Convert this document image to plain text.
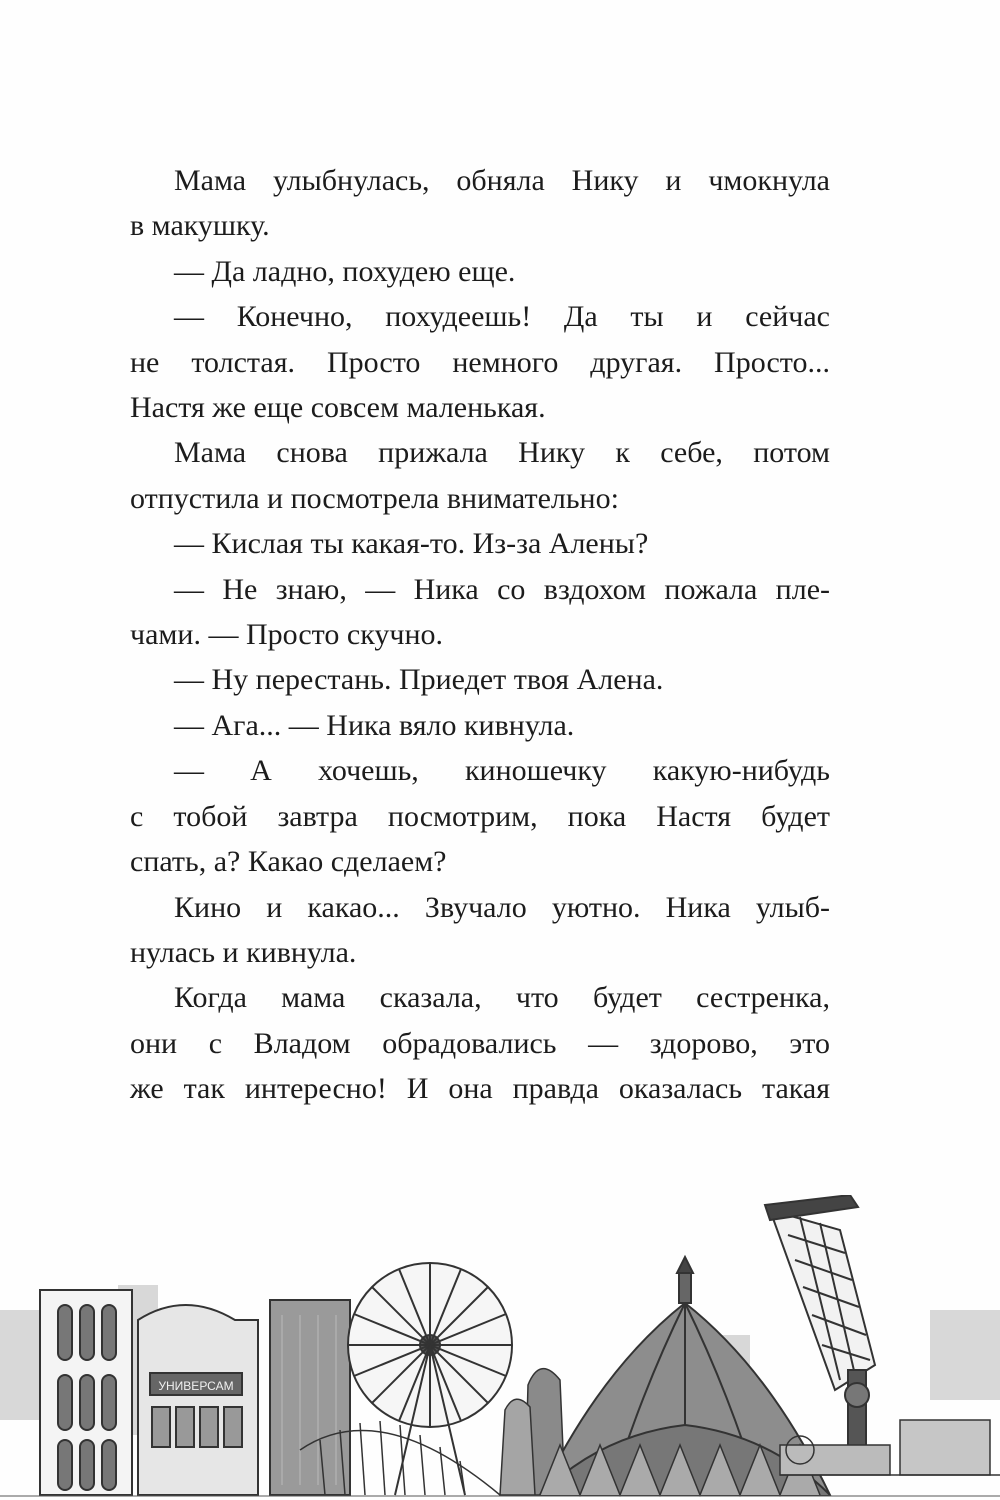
Мама улыбнулась, обняла Нику и чмокнула
в макушку.

— Да ладно, похудею еще.

— Конечно, похудеешь! Да ты и сейчас
не толстая. Просто немного другая. Просто...
Настя же еще совсем маленькая.

Мама снова прижала Нику к себе, потом
отпустила и посмотрела внимательно:

— Кислая ты какая-то. Из-за Алены?

— Не знаю, — Ника со вздохом пожала пле-
чами. — Просто скучно.

— Ну перестань. Приедет твоя Алена.

— Ага... — Ника вяло кивнула.

— А хочешь, киношечку какую-нибудь
с тобой завтра посмотрим, пока Настя будет
спать, а? Какао сделаем?

Кино и какао... Звучало уютно. Ника улыб-
нулась и кивнула.

Когда мама сказала, что будет сестренка,
они с Владом обрадовались — здорово, это
же так интересно! И она правда оказалась такая

УНИВЕРСАМ
